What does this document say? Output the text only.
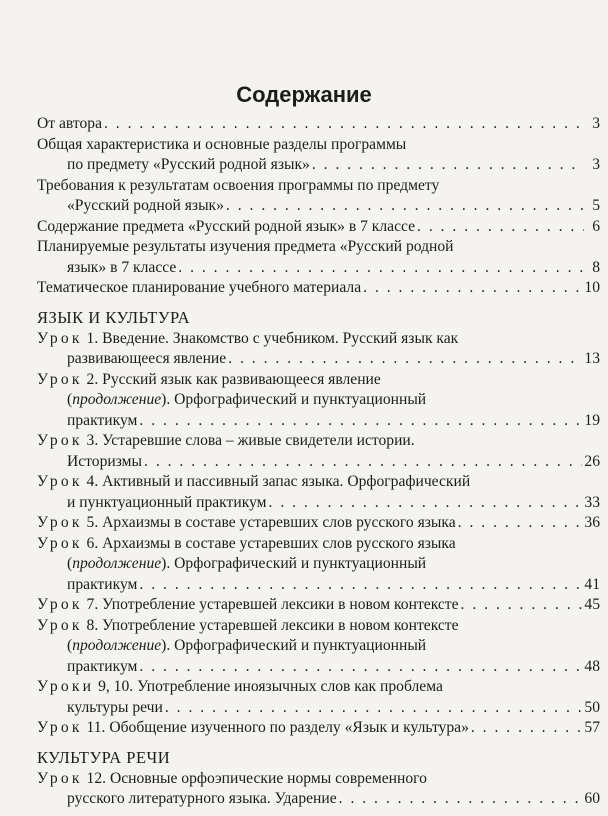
Содержание
От автора . . .	3
Общая характеристика и основные разделы программы
по предмету «Русский родной язык» . . .	3
Требования к результатам освоения программы по предмету
«Русский родной язык» . . .	5
Содержание предмета «Русский родной язык» в 7 классе . . .	6
Планируемые результаты изучения предмета «Русский родной
язык» в 7 классе . . .	8
Тематическое планирование учебного материала . . .	10
ЯЗЫК И КУЛЬТУРА
Урок 1. Введение. Знакомство с учебником. Русский язык как
развивающееся явление . . .	13
Урок 2. Русский язык как развивающееся явление
(продолжение). Орфографический и пунктуационный
практикум . . .	19
Урок 3. Устаревшие слова – живые свидетели истории.
Историзмы . . .	26
Урок 4. Активный и пассивный запас языка. Орфографический
и пунктуационный практикум . . .	33
Урок 5. Архаизмы в составе устаревших слов русского языка . . .	36
Урок 6. Архаизмы в составе устаревших слов русского языка
(продолжение). Орфографический и пунктуационный
практикум . . .	41
Урок 7. Употребление устаревшей лексики в новом контексте . . .	45
Урок 8. Употребление устаревшей лексики в новом контексте
(продолжение). Орфографический и пунктуационный
практикум . . .	48
Уроки 9, 10. Употребление иноязычных слов как проблема
культуры речи . . .	50
Урок 11. Обобщение изученного по разделу «Язык и культура» . . .	57
КУЛЬТУРА РЕЧИ
Урок 12. Основные орфоэпические нормы современного
русского литературного языка. Ударение . . .	60
